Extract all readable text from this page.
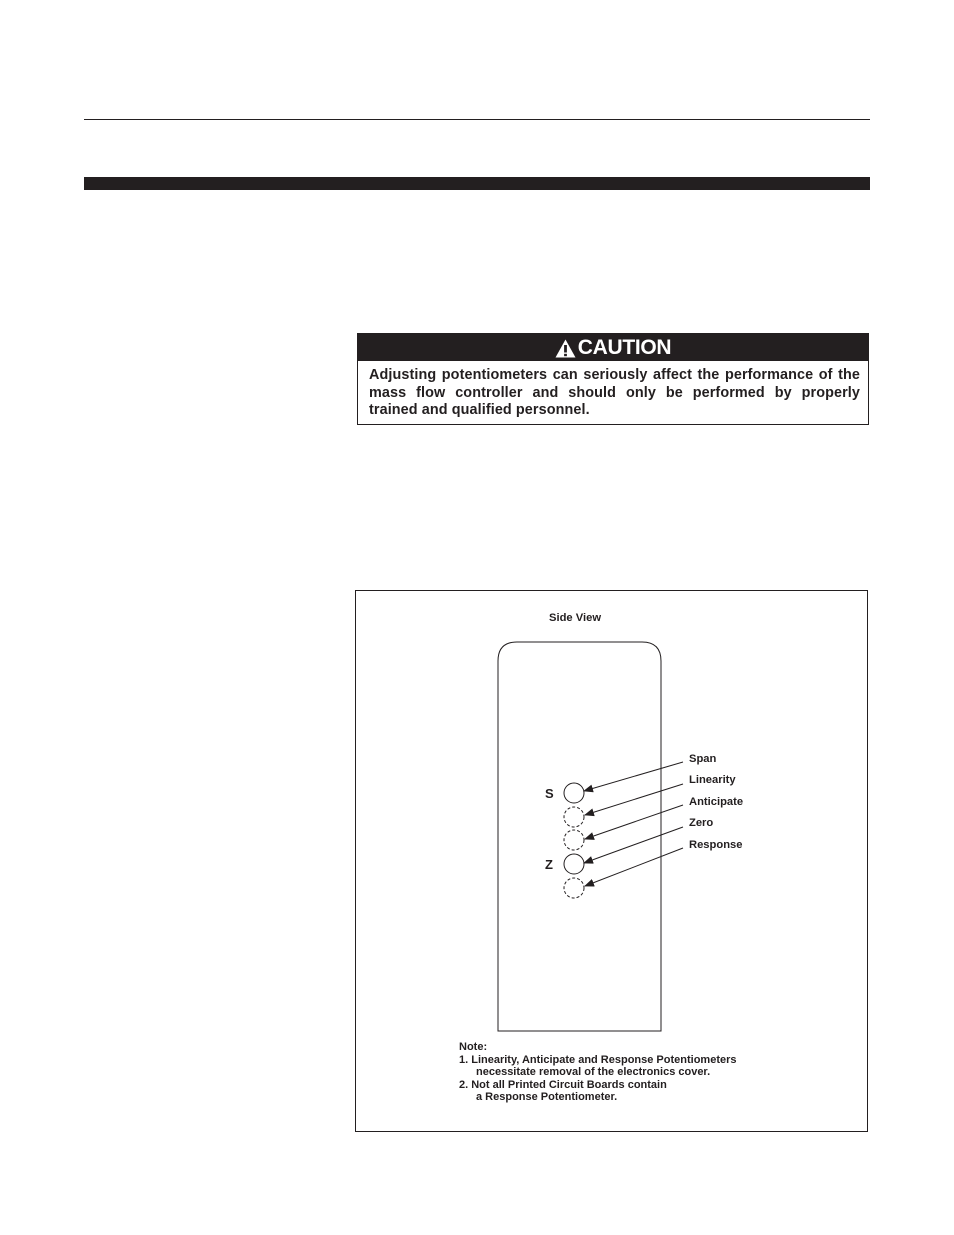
CAUTION
Adjusting potentiometers can seriously affect the performance of the mass flow controller and should only be performed by properly trained and qualified personnel.
Side View
S
Z
Span
Linearity
Anticipate
Zero
Response
Note:
1. Linearity, Anticipate and Response Potentiometers
necessitate removal of the electronics cover.
2. Not all Printed Circuit Boards contain
a Response Potentiometer.
